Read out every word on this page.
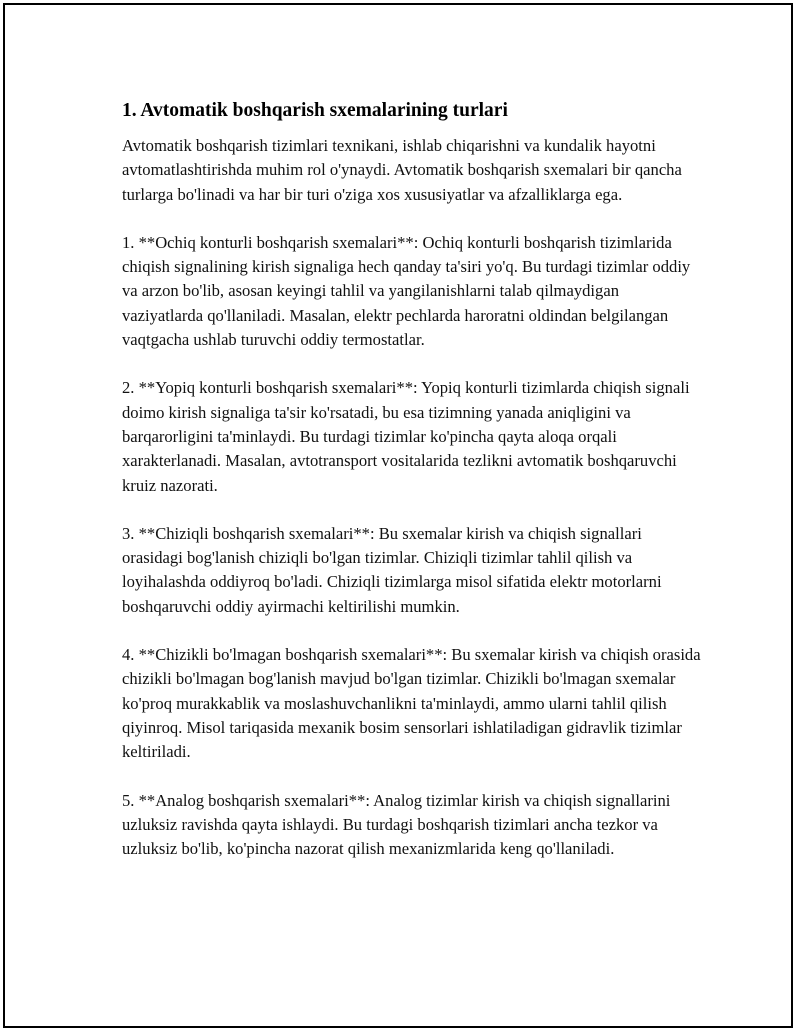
1. Avtomatik boshqarish sxemalarining turlari

Avtomatik boshqarish tizimlari texnikani, ishlab chiqarishni va kundalik hayotni avtomatlashtirishda muhim rol o'ynaydi. Avtomatik boshqarish sxemalari bir qancha turlarga bo'linadi va har bir turi o'ziga xos xususiyatlar va afzalliklarga ega.

1. **Ochiq konturli boshqarish sxemalari**: Ochiq konturli boshqarish tizimlarida chiqish signalining kirish signaliga hech qanday ta'siri yo'q. Bu turdagi tizimlar oddiy va arzon bo'lib, asosan keyingi tahlil va yangilanishlarni talab qilmaydigan vaziyatlarda qo'llaniladi. Masalan, elektr pechlarda haroratni oldindan belgilangan vaqtgacha ushlab turuvchi oddiy termostatlar.

2. **Yopiq konturli boshqarish sxemalari**: Yopiq konturli tizimlarda chiqish signali doimo kirish signaliga ta'sir ko'rsatadi, bu esa tizimning yanada aniqligini va barqarorligini ta'minlaydi. Bu turdagi tizimlar ko'pincha qayta aloqa orqali xarakterlanadi. Masalan, avtotransport vositalarida tezlikni avtomatik boshqaruvchi kruiz nazorati.

3. **Chiziqli boshqarish sxemalari**: Bu sxemalar kirish va chiqish signallari orasidagi bog'lanish chiziqli bo'lgan tizimlar. Chiziqli tizimlar tahlil qilish va loyihalashda oddiyroq bo'ladi. Chiziqli tizimlarga misol sifatida elektr motorlarni boshqaruvchi oddiy ayirmachi keltirilishi mumkin.

4. **Chizikli bo'lmagan boshqarish sxemalari**: Bu sxemalar kirish va chiqish orasida chizikli bo'lmagan bog'lanish mavjud bo'lgan tizimlar. Chizikli bo'lmagan sxemalar ko'proq murakkablik va moslashuvchanlikni ta'minlaydi, ammo ularni tahlil qilish qiyinroq. Misol tariqasida mexanik bosim sensorlari ishlatiladigan gidravlik tizimlar keltiriladi.

5. **Analog boshqarish sxemalari**: Analog tizimlar kirish va chiqish signallarini uzluksiz ravishda qayta ishlaydi. Bu turdagi boshqarish tizimlari ancha tezkor va uzluksiz bo'lib, ko'pincha nazorat qilish mexanizmlarida keng qo'llaniladi.
